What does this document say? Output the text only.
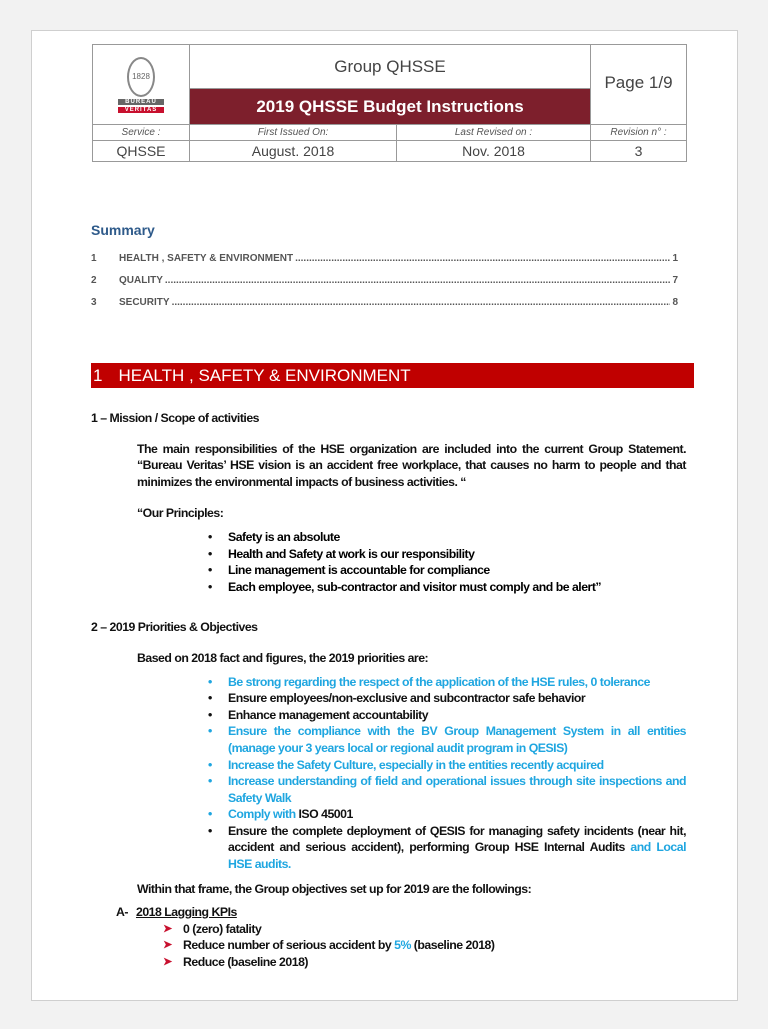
1828
BUREAU
VERITAS	Group QHSSE		Page 1/9
	2019 QHSSE Budget Instructions		
Service :	First Issued On:	Last Revised on :	Revision n° :
QHSSE	August. 2018	Nov. 2018	3
Summary
1	HEALTH , SAFETY & ENVIRONMENT .....	1
2	QUALITY .....	7
3	SECURITY .....	8
1 HEALTH , SAFETY & ENVIRONMENT
1 – Mission / Scope of activities
The main responsibilities of the HSE organization are included into the current Group Statement. “Bureau Veritas’ HSE vision is an accident free workplace, that causes no harm to people and that minimizes the environmental impacts of business activities. “
“Our Principles:
• Safety is an absolute
• Health and Safety at work is our responsibility
• Line management is accountable for compliance
• Each employee, sub-contractor and visitor must comply and be alert”
2 – 2019 Priorities & Objectives
Based on 2018 fact and figures, the 2019 priorities are:
• Be strong regarding the respect of the application of the HSE rules, 0 tolerance
• Ensure employees/non-exclusive and subcontractor safe behavior
• Enhance management accountability
• Ensure the compliance with the BV Group Management System in all entities (manage your 3 years local or regional audit program in QESIS)
• Increase the Safety Culture, especially in the entities recently acquired
• Increase understanding of field and operational issues through site inspections and Safety Walk
• Comply with ISO 45001
• Ensure the complete deployment of QESIS for managing safety incidents (near hit, accident and serious accident), performing Group HSE Internal Audits and Local HSE audits.
Within that frame, the Group objectives set up for 2019 are the followings:
A- 2018 Lagging KPIs
➤ 0 (zero) fatality
➤ Reduce number of serious accident by 5% (baseline 2018)
➤ Reduce (baseline 2018)
